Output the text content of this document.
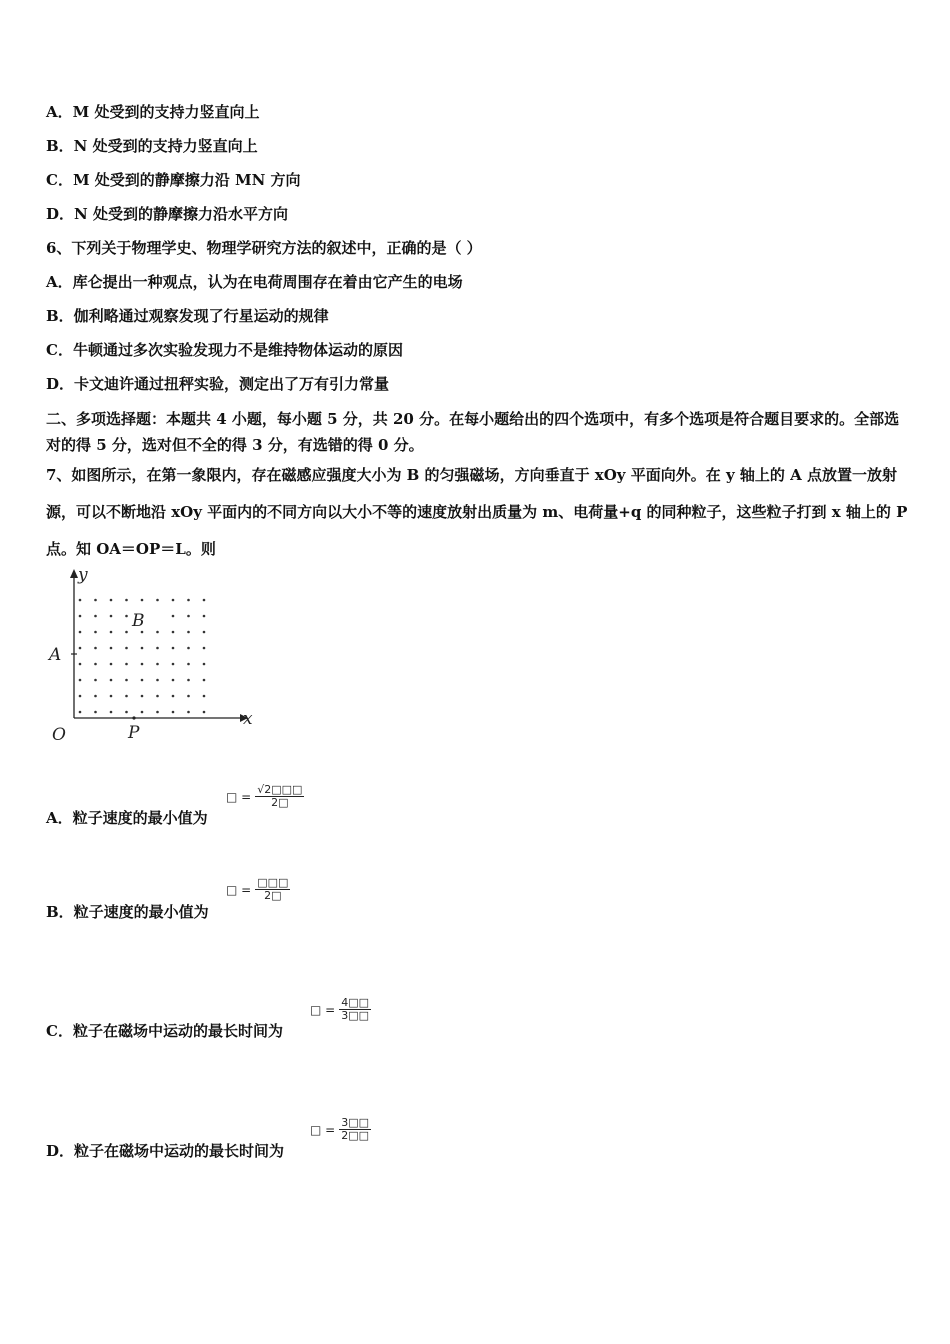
A．M 处受到的支持力竖直向上
B．N 处受到的支持力竖直向上
C．M 处受到的静摩擦力沿 MN 方向
D．N 处受到的静摩擦力沿水平方向
6、下列关于物理学史、物理学研究方法的叙述中，正确的是（ ）
A．库仑提出一种观点，认为在电荷周围存在着由它产生的电场
B．伽利略通过观察发现了行星运动的规律
C．牛顿通过多次实验发现力不是维持物体运动的原因
D．卡文迪许通过扭秤实验，测定出了万有引力常量
二、多项选择题：本题共 4 小题，每小题 5 分，共 20 分。在每小题给出的四个选项中，有多个选项是符合题目要求的。全部选对的得 5 分，选对但不全的得 3 分，有选错的得 0 分。
7、如图所示，在第一象限内，存在磁感应强度大小为 B 的匀强磁场，方向垂直于 xOy 平面向外。在 y 轴上的 A 点放置一放射源，可以不断地沿 xOy 平面内的不同方向以大小不等的速度放射出质量为 m、电荷量+q 的同种粒子，这些粒子打到 x 轴上的 P 点。知 OA＝OP＝L。则
y
x
B
A
O	P
A．粒子速度的最小值为
□ = $\frac{√2□□□}{2□}$
B．粒子速度的最小值为
□ = $\frac{□□□}{2□}$
C．粒子在磁场中运动的最长时间为
□ = $\frac{4□□}{3□□}$
D．粒子在磁场中运动的最长时间为
□ = $\frac{3□□}{2□□}$
